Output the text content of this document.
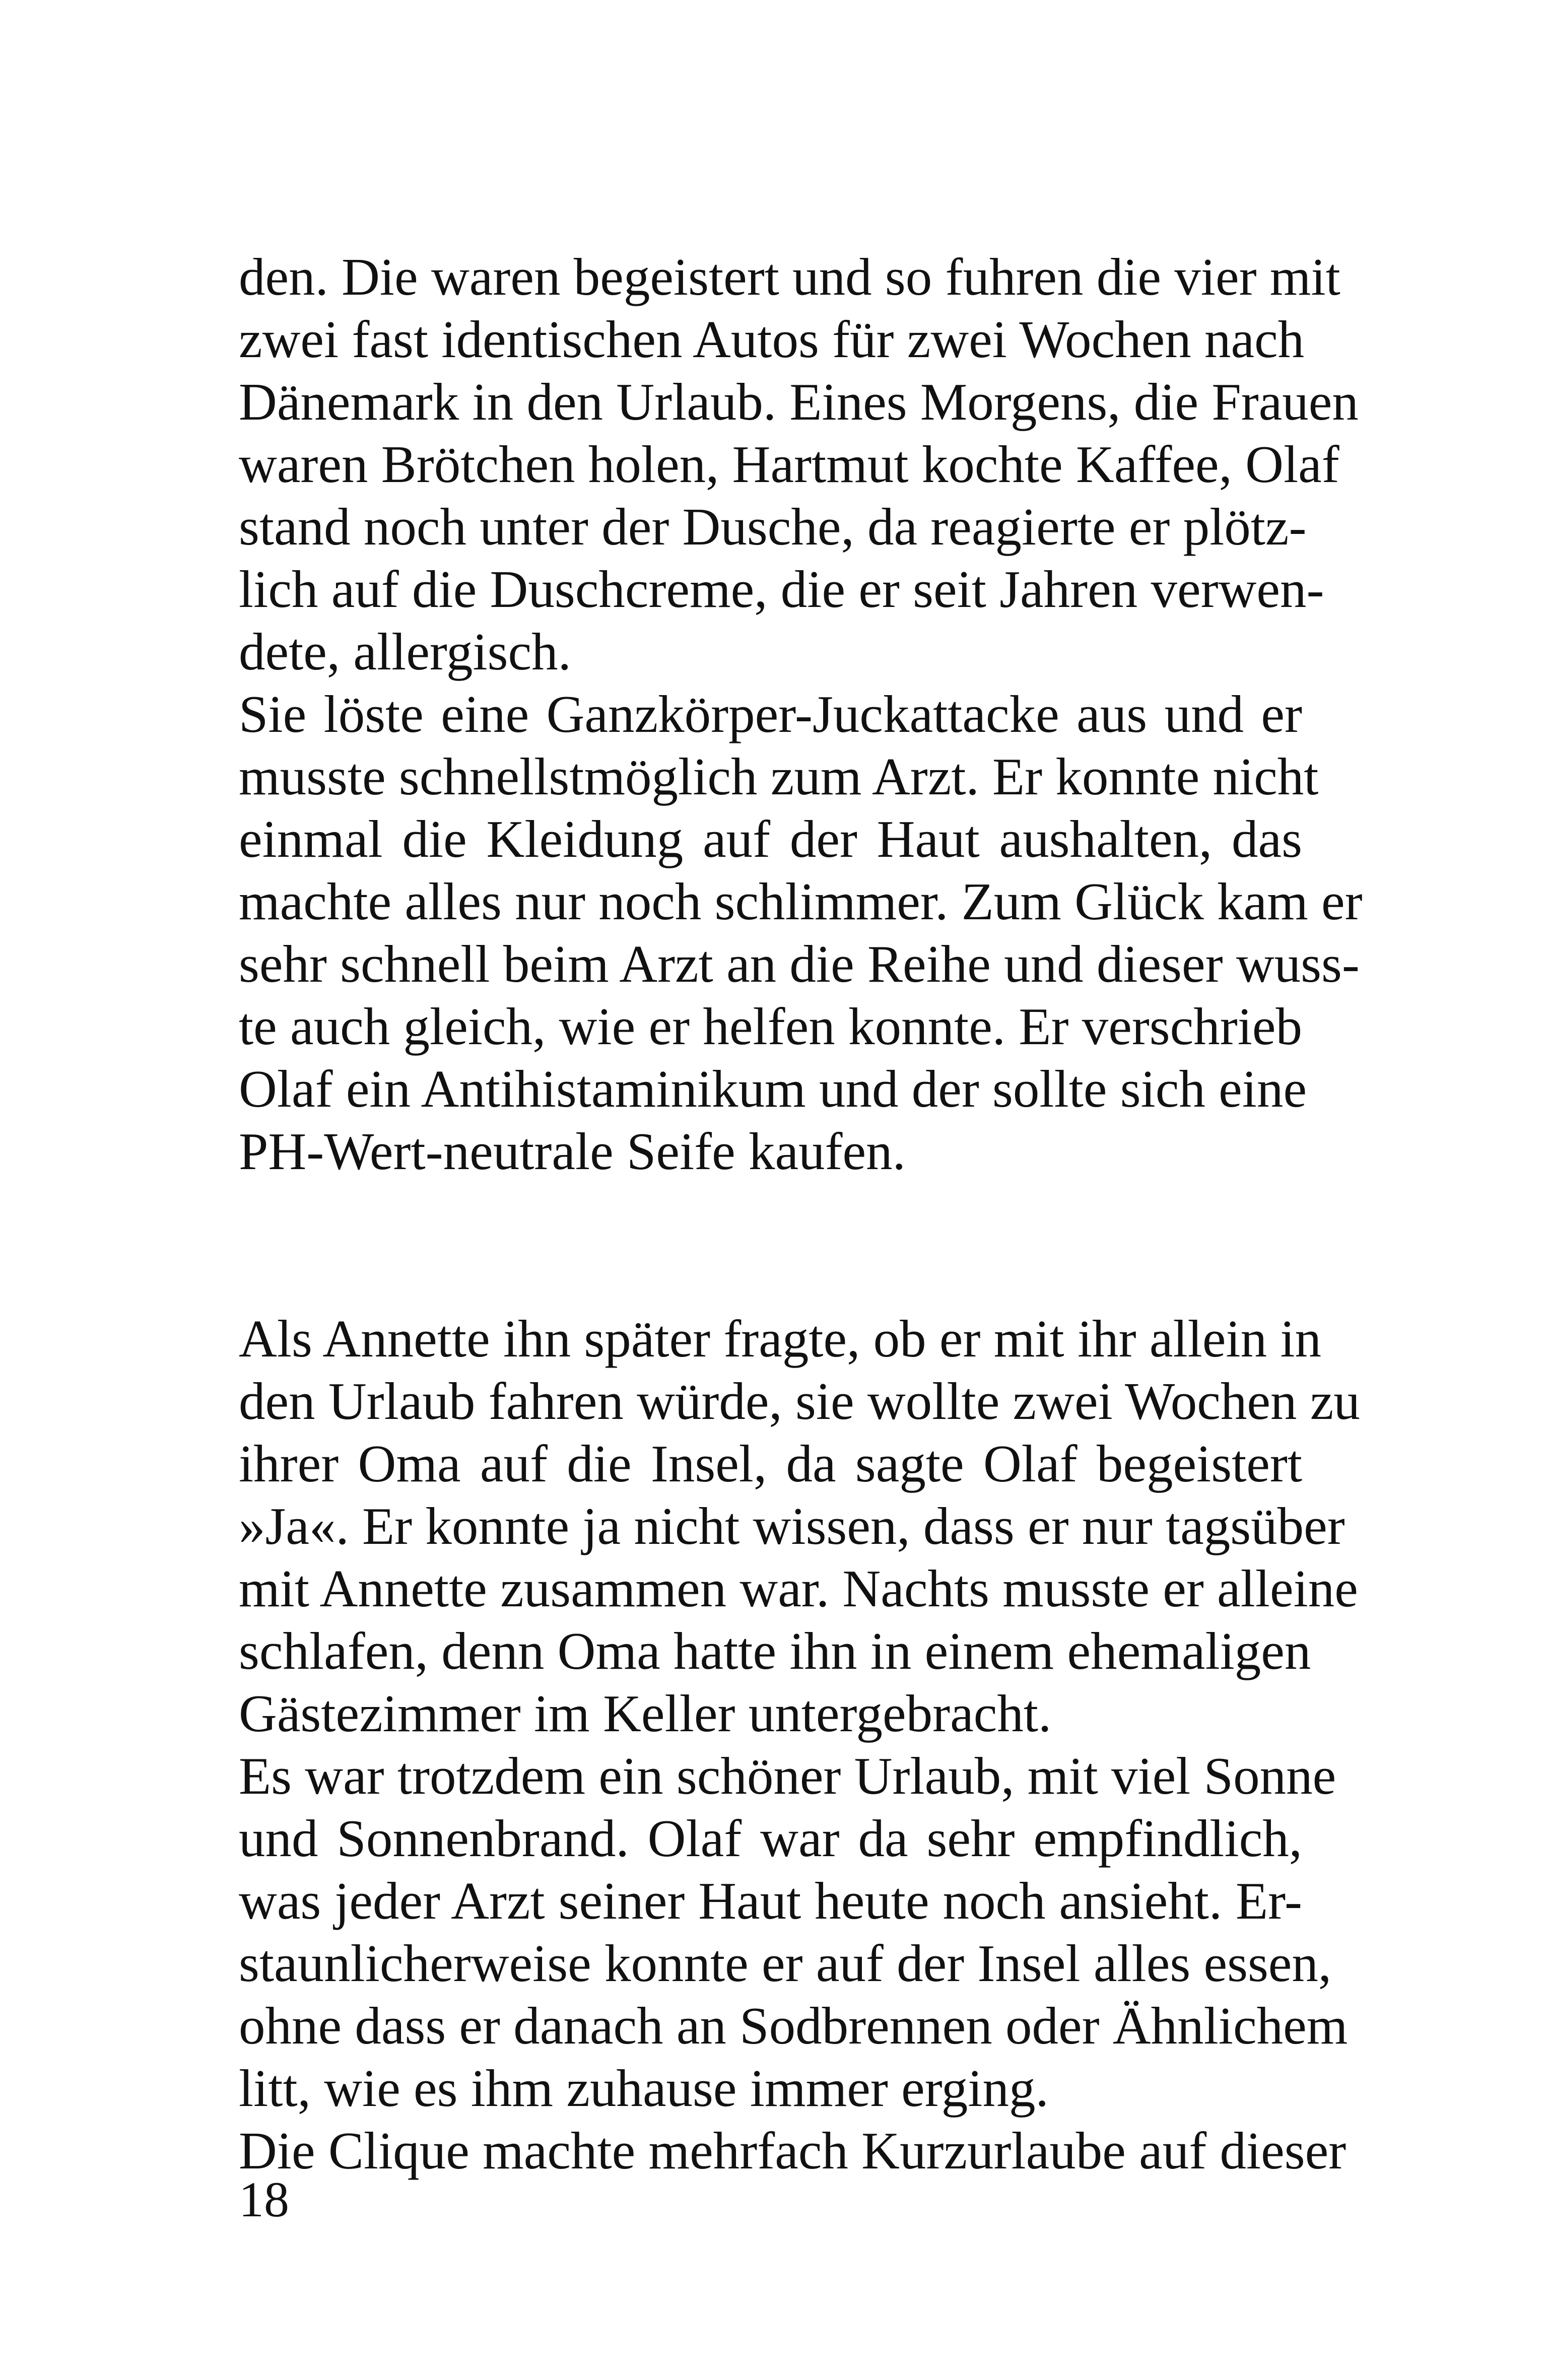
den. Die waren begeistert und so fuhren die vier mit
zwei fast identischen Autos für zwei Wochen nach
Dänemark in den Urlaub. Eines Morgens, die Frauen
waren Brötchen holen, Hartmut kochte Kaffee, Olaf
stand noch unter der Dusche, da reagierte er plötz-
lich auf die Duschcreme, die er seit Jahren verwen-
dete, allergisch.
Sie löste eine Ganzkörper-Juckattacke aus und er
musste schnellstmöglich zum Arzt. Er konnte nicht
einmal die Kleidung auf der Haut aushalten, das
machte alles nur noch schlimmer. Zum Glück kam er
sehr schnell beim Arzt an die Reihe und dieser wuss-
te auch gleich, wie er helfen konnte. Er verschrieb
Olaf ein Antihistaminikum und der sollte sich eine
PH-Wert-neutrale Seife kaufen.
Als Annette ihn später fragte, ob er mit ihr allein in
den Urlaub fahren würde, sie wollte zwei Wochen zu
ihrer Oma auf die Insel, da sagte Olaf begeistert
»Ja«. Er konnte ja nicht wissen, dass er nur tagsüber
mit Annette zusammen war. Nachts musste er alleine
schlafen, denn Oma hatte ihn in einem ehemaligen
Gästezimmer im Keller untergebracht.
Es war trotzdem ein schöner Urlaub, mit viel Sonne
und Sonnenbrand. Olaf war da sehr empfindlich,
was jeder Arzt seiner Haut heute noch ansieht. Er-
staunlicherweise konnte er auf der Insel alles essen,
ohne dass er danach an Sodbrennen oder Ähnlichem
litt, wie es ihm zuhause immer erging.
Die Clique machte mehrfach Kurzurlaube auf dieser
18
